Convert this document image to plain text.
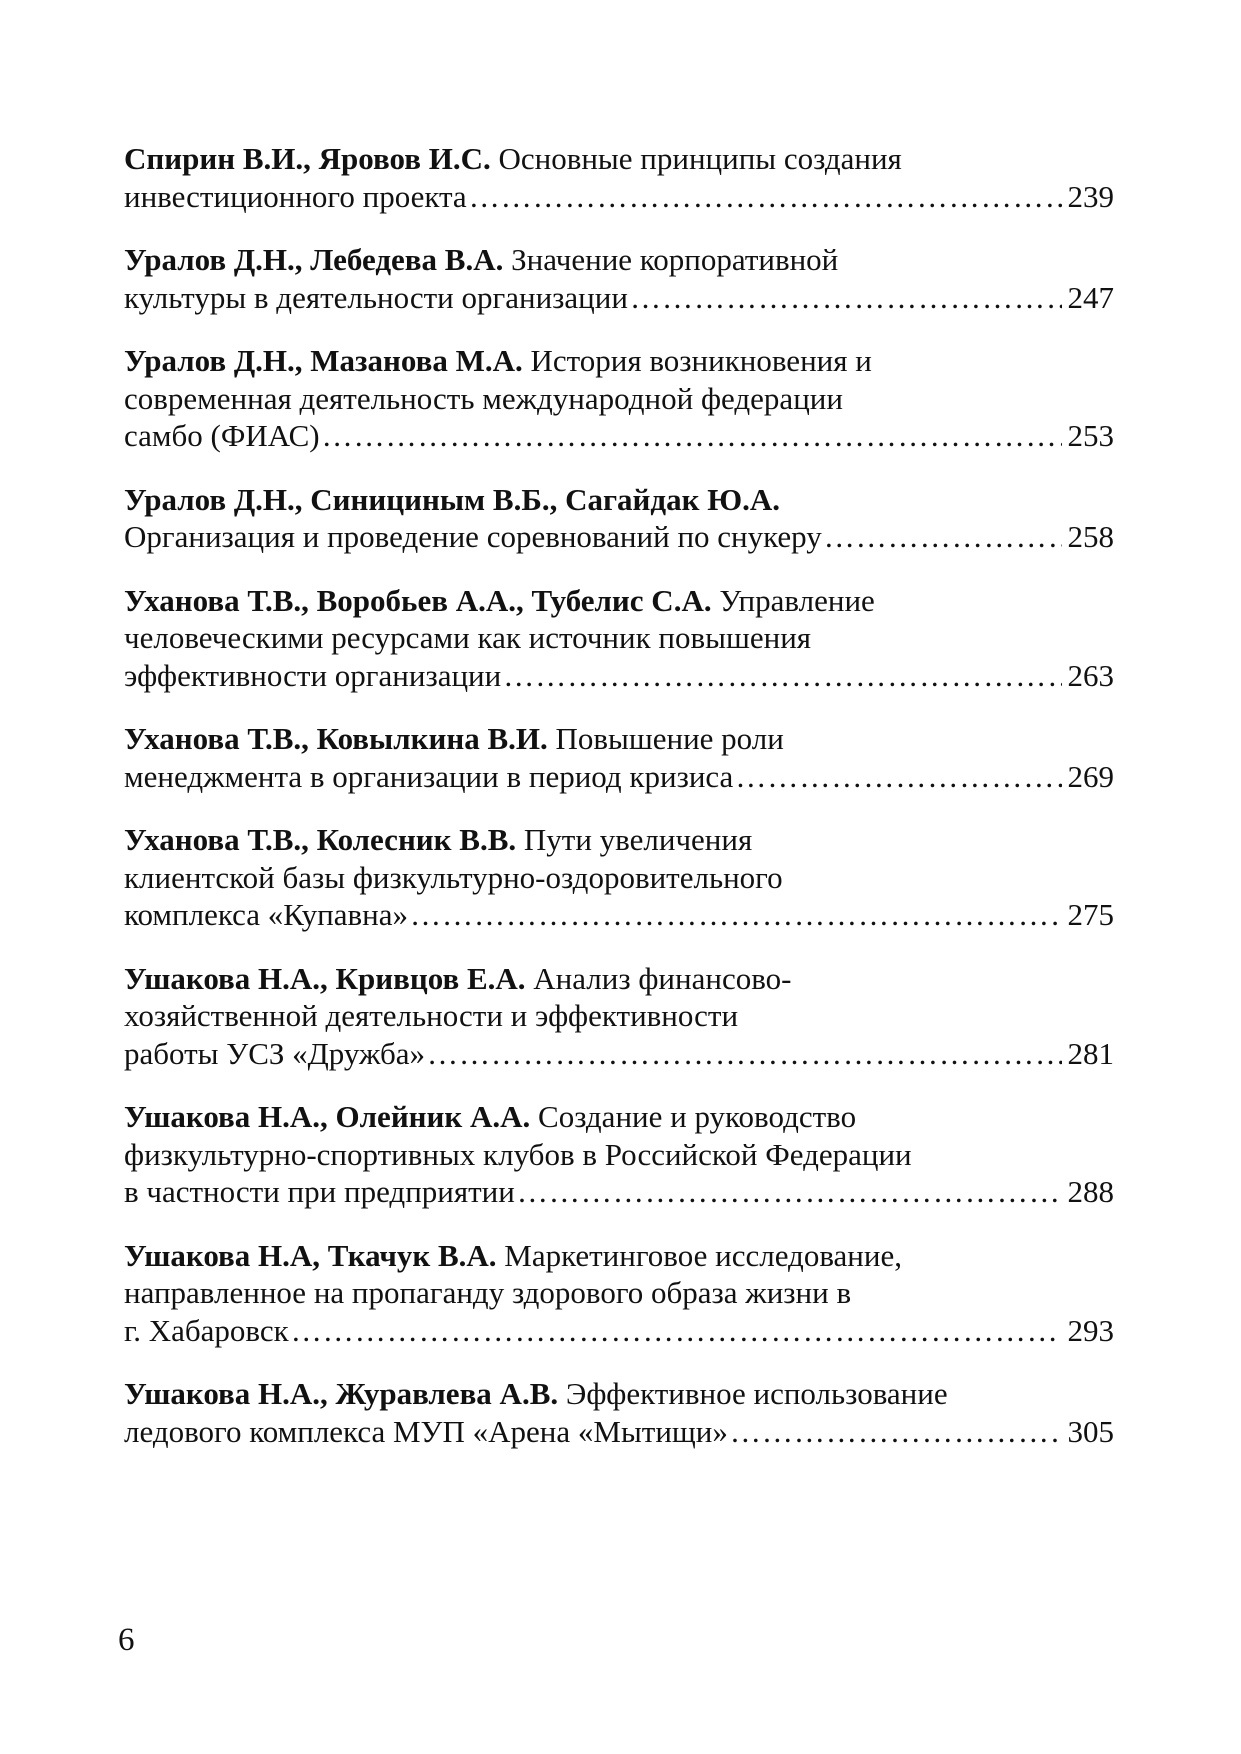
Спирин В.И., Яровов И.С. Основные принципы создания
инвестиционного проекта ……………………………………………………………………………………………………………………………………………………………	239
Уралов Д.Н., Лебедева В.А. Значение корпоративной
культуры в деятельности организации ……………………………………………………………………………………………………………………………………………………………	247
Уралов Д.Н., Мазанова М.А. История возникновения и
современная деятельность международной федерации
самбо (ФИАС) ……………………………………………………………………………………………………………………………………………………………	253
Уралов Д.Н., Синициным В.Б., Сагайдак Ю.А.
Организация и проведение соревнований по снукеру ……………………………………………………………………………………………………………………………………………………………	258
Уханова Т.В., Воробьев А.А., Тубелис С.А. Управление
человеческими ресурсами как источник повышения
эффективности организации ……………………………………………………………………………………………………………………………………………………………	263
Уханова Т.В., Ковылкина В.И. Повышение роли
менеджмента в организации в период кризиса ……………………………………………………………………………………………………………………………………………………………	269
Уханова Т.В., Колесник В.В. Пути увеличения
клиентской базы физкультурно-оздоровительного
комплекса «Купавна» ……………………………………………………………………………………………………………………………………………………………	275
Ушакова Н.А., Кривцов Е.А. Анализ финансово-
хозяйственной деятельности и эффективности
работы УСЗ «Дружба» ……………………………………………………………………………………………………………………………………………………………	281
Ушакова Н.А., Олейник А.А. Создание и руководство
физкультурно-спортивных клубов в Российской Федерации
в частности при предприятии ……………………………………………………………………………………………………………………………………………………………	288
Ушакова Н.А, Ткачук В.А. Маркетинговое исследование,
направленное на пропаганду здорового образа жизни в
г. Хабаровск ……………………………………………………………………………………………………………………………………………………………	293
Ушакова Н.А., Журавлева А.В. Эффективное использование
ледового комплекса МУП «Арена «Мытищи» ……………………………………………………………………………………………………………………………………………………………	305
6
